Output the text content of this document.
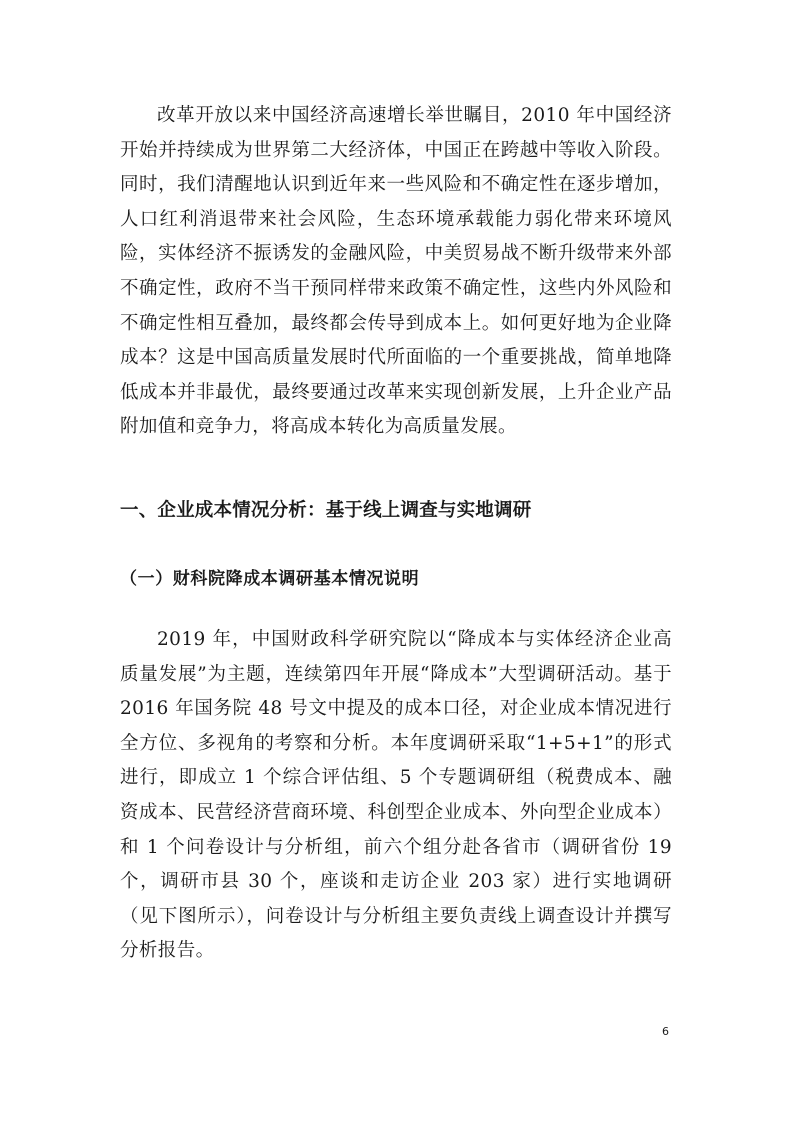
改革开放以来中国经济高速增长举世瞩目，2010 年中国经济开始并持续成为世界第二大经济体，中国正在跨越中等收入阶段。同时，我们清醒地认识到近年来一些风险和不确定性在逐步增加，人口红利消退带来社会风险，生态环境承载能力弱化带来环境风险，实体经济不振诱发的金融风险，中美贸易战不断升级带来外部不确定性，政府不当干预同样带来政策不确定性，这些内外风险和不确定性相互叠加，最终都会传导到成本上。如何更好地为企业降成本？这是中国高质量发展时代所面临的一个重要挑战，简单地降低成本并非最优，最终要通过改革来实现创新发展，上升企业产品附加值和竞争力，将高成本转化为高质量发展。

一、企业成本情况分析：基于线上调查与实地调研
（一）财科院降成本调研基本情况说明

2019 年，中国财政科学研究院以“降成本与实体经济企业高质量发展”为主题，连续第四年开展“降成本”大型调研活动。基于 2016 年国务院 48 号文中提及的成本口径，对企业成本情况进行全方位、多视角的考察和分析。本年度调研采取“1+5+1”的形式进行，即成立 1 个综合评估组、5 个专题调研组（税费成本、融资成本、民营经济营商环境、科创型企业成本、外向型企业成本）和 1 个问卷设计与分析组，前六个组分赴各省市（调研省份 19 个，调研市县 30 个，座谈和走访企业 203 家）进行实地调研（见下图所示），问卷设计与分析组主要负责线上调查设计并撰写分析报告。

6
